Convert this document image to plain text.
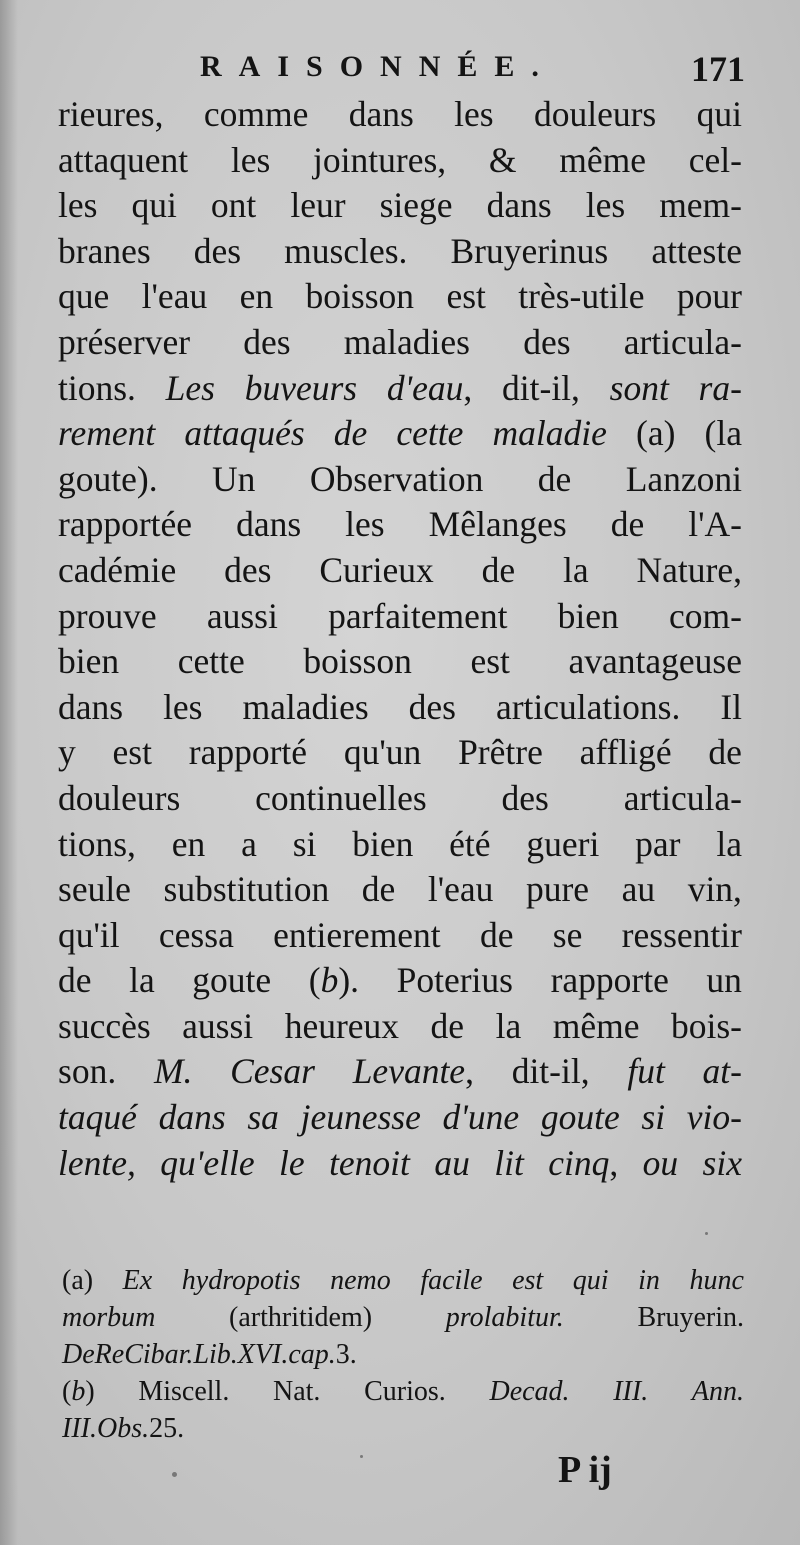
RAISONNÉE.	171
rieures, comme dans les douleurs qui
attaquent les jointures, & même cel-
les qui ont leur siege dans les mem-
branes des muscles. Bruyerinus atteste
que l'eau en boisson est très-utile pour
préserver des maladies des articula-
tions. Les buveurs d'eau, dit-il, sont ra-
rement attaqués de cette maladie (a) (la
goute). Un Observation de Lanzoni
rapportée dans les Mêlanges de l'A-
cadémie des Curieux de la Nature,
prouve aussi parfaitement bien com-
bien cette boisson est avantageuse
dans les maladies des articulations. Il
y est rapporté qu'un Prêtre affligé de
douleurs continuelles des articula-
tions, en a si bien été gueri par la
seule substitution de l'eau pure au vin,
qu'il cessa entierement de se ressentir
de la goute (b). Poterius rapporte un
succès aussi heureux de la même bois-
son. M. Cesar Levante, dit-il, fut at-
taqué dans sa jeunesse d'une goute si vio-
lente, qu'elle le tenoit au lit cinq, ou six
(a) Ex hydropotis nemo facile est qui in hunc
morbum	(arthritidem)	prolabitur.	Bruyerin.
De Re Cibar. Lib. XVI. cap. 3.
(b) Miscell. Nat. Curios. Decad. III. Ann.
III. Obs. 25.
P ij
